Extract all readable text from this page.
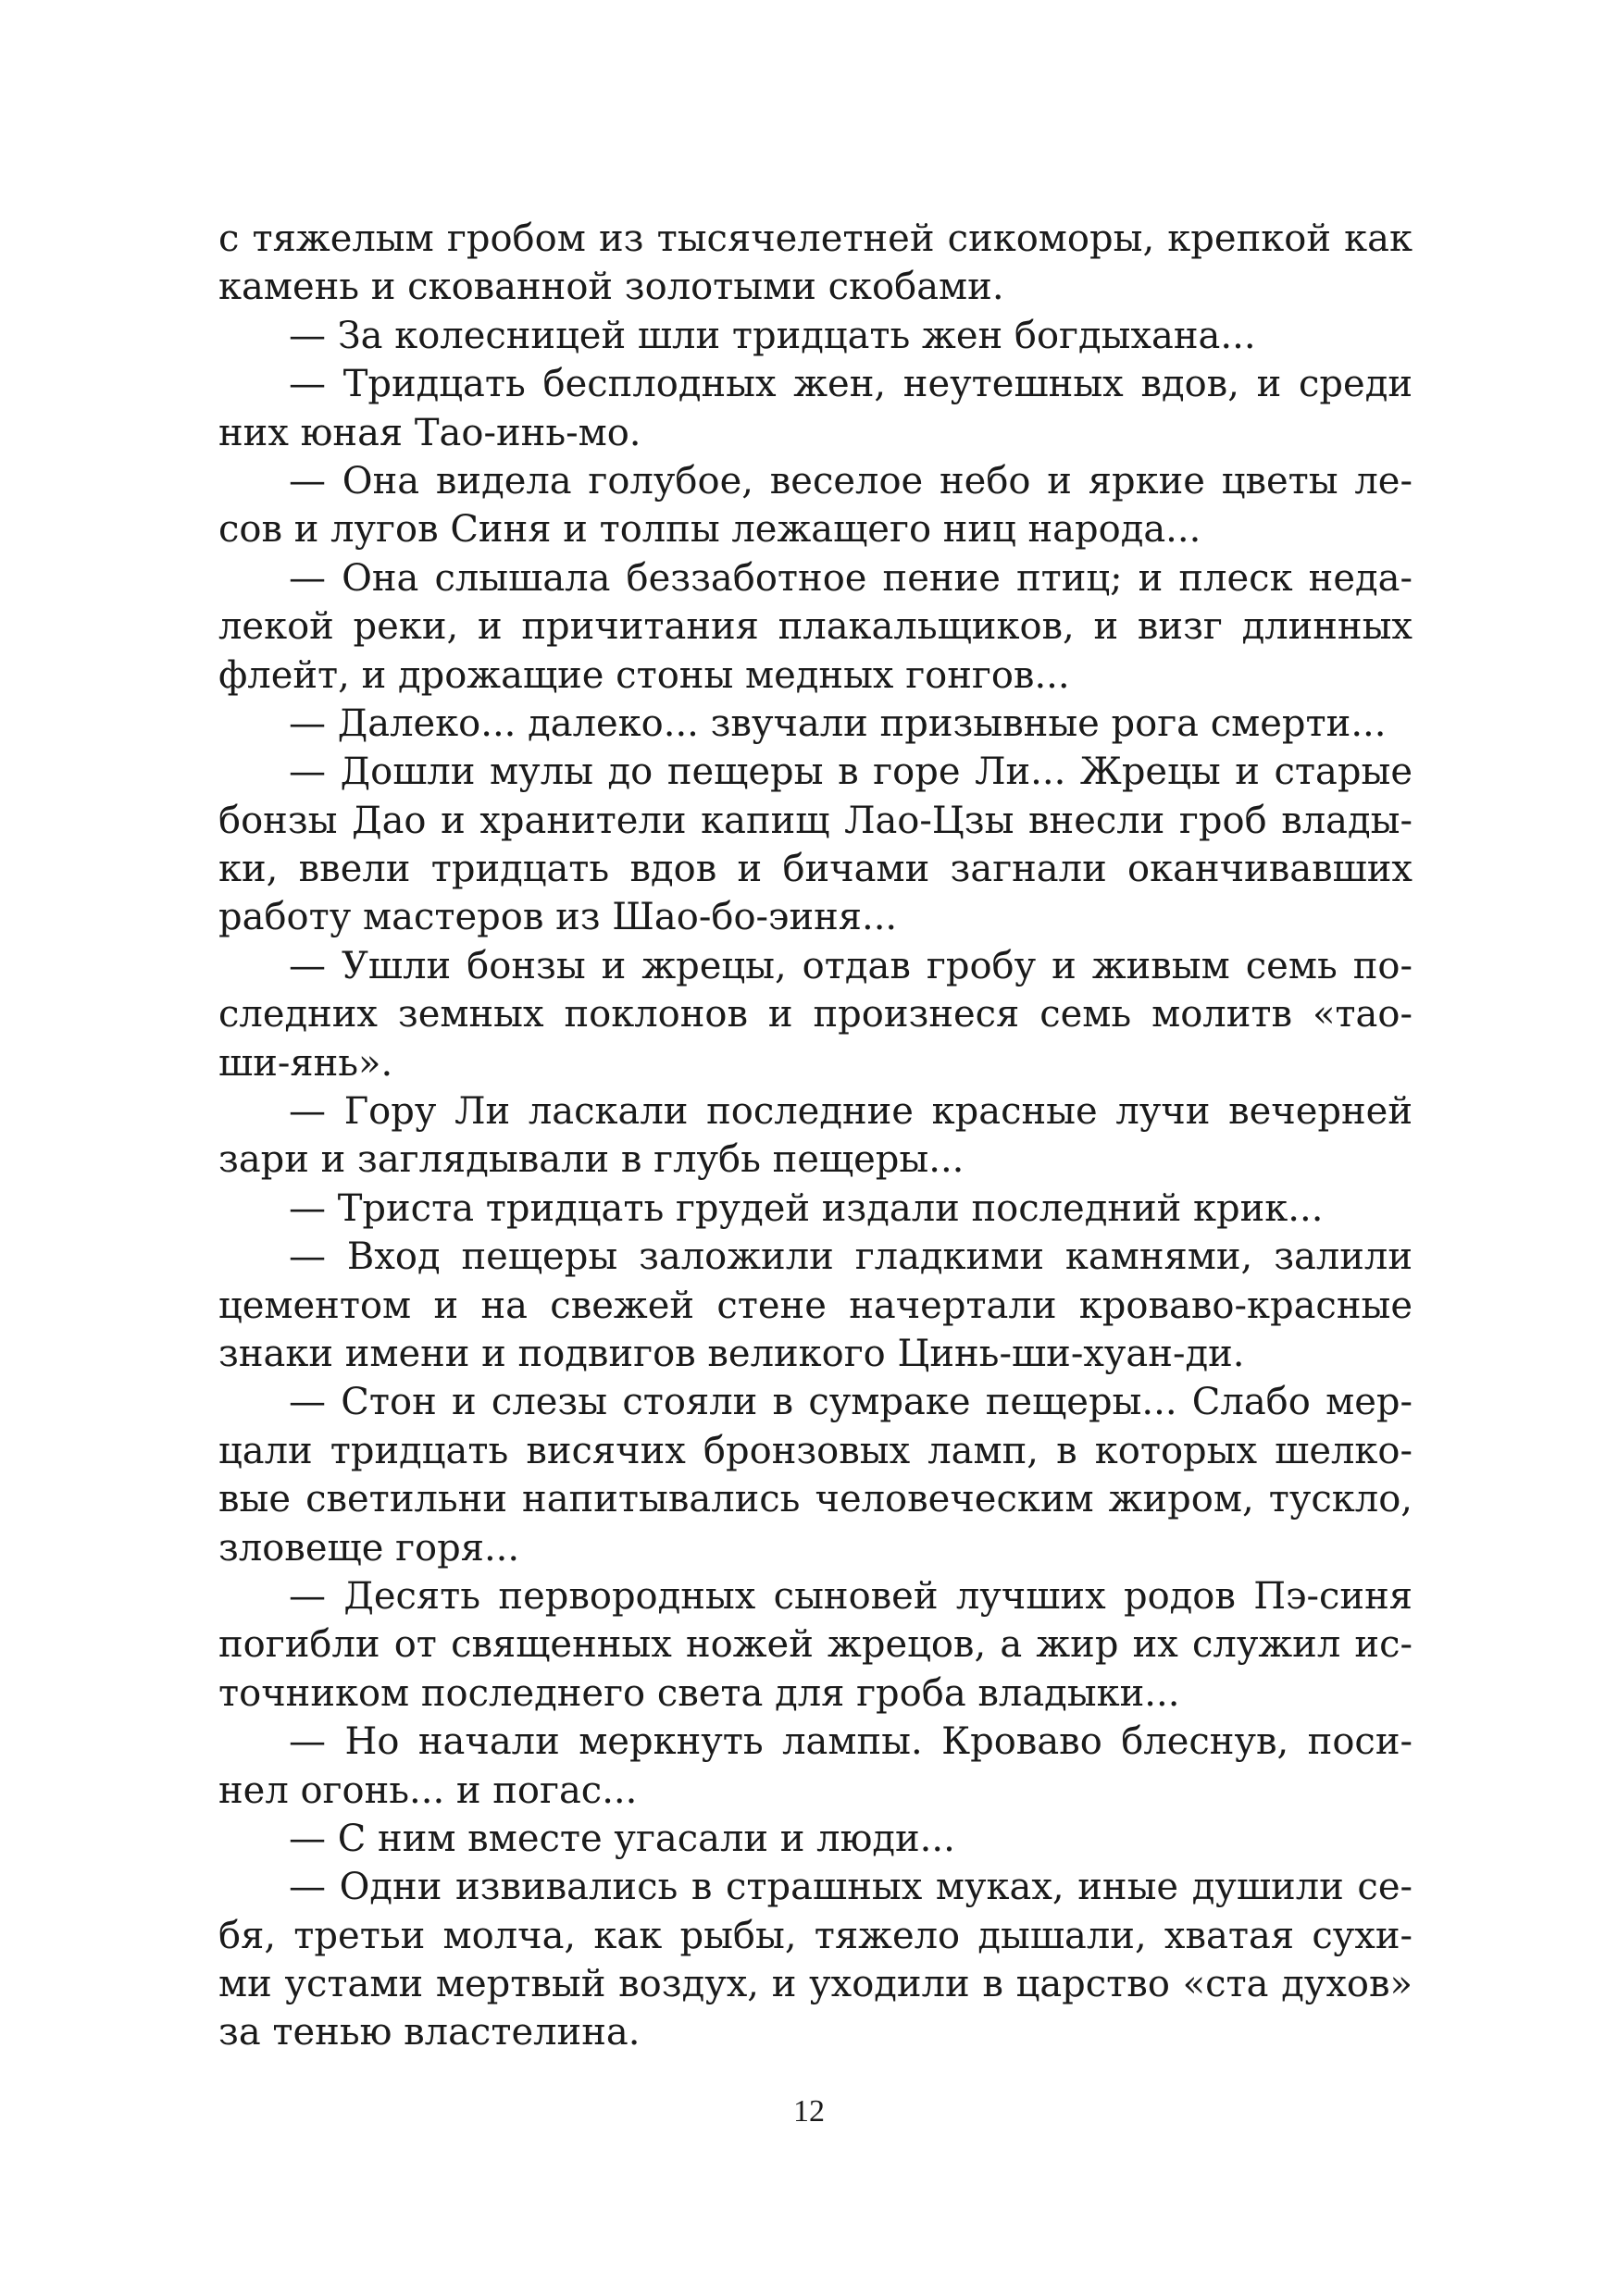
с тяжелым гробом из тысячелетней сикоморы, крепкой как
камень и скованной золотыми скобами.
— За колесницей шли тридцать жен богдыхана...
— Тридцать бесплодных жен, неутешных вдов, и среди
них юная Тао-инь-мо.
— Она видела голубое, веселое небо и яркие цветы ле-
сов и лугов Синя и толпы лежащего ниц народа...
— Она слышала беззаботное пение птиц; и плеск неда-
лекой реки, и причитания плакальщиков, и визг длинных
флейт, и дрожащие стоны медных гонгов...
— Далеко... далеко... звучали призывные рога смерти...
— Дошли мулы до пещеры в горе Ли... Жрецы и старые
бонзы Дао и хранители капищ Лао-Цзы внесли гроб влады-
ки, ввели тридцать вдов и бичами загнали оканчивавших
работу мастеров из Шао-бо-эиня...
— Ушли бонзы и жрецы, отдав гробу и живым семь по-
следних земных поклонов и произнеся семь молитв «тао-
ши-янь».
— Гору Ли ласкали последние красные лучи вечерней
зари и заглядывали в глубь пещеры...
— Триста тридцать грудей издали последний крик...
— Вход пещеры заложили гладкими камнями, залили
цементом и на свежей стене начертали кроваво-красные
знаки имени и подвигов великого Цинь-ши-хуан-ди.
— Стон и слезы стояли в сумраке пещеры... Слабо мер-
цали тридцать висячих бронзовых ламп, в которых шелко-
вые светильни напитывались человеческим жиром, тускло,
зловеще горя...
— Десять первородных сыновей лучших родов Пэ-синя
погибли от священных ножей жрецов, а жир их служил ис-
точником последнего света для гроба владыки...
— Но начали меркнуть лампы. Кроваво блеснув, поси-
нел огонь... и погас...
— С ним вместе угасали и люди...
— Одни извивались в страшных муках, иные душили се-
бя, третьи молча, как рыбы, тяжело дышали, хватая сухи-
ми устами мертвый воздух, и уходили в царство «ста духов»
за тенью властелина.
12
